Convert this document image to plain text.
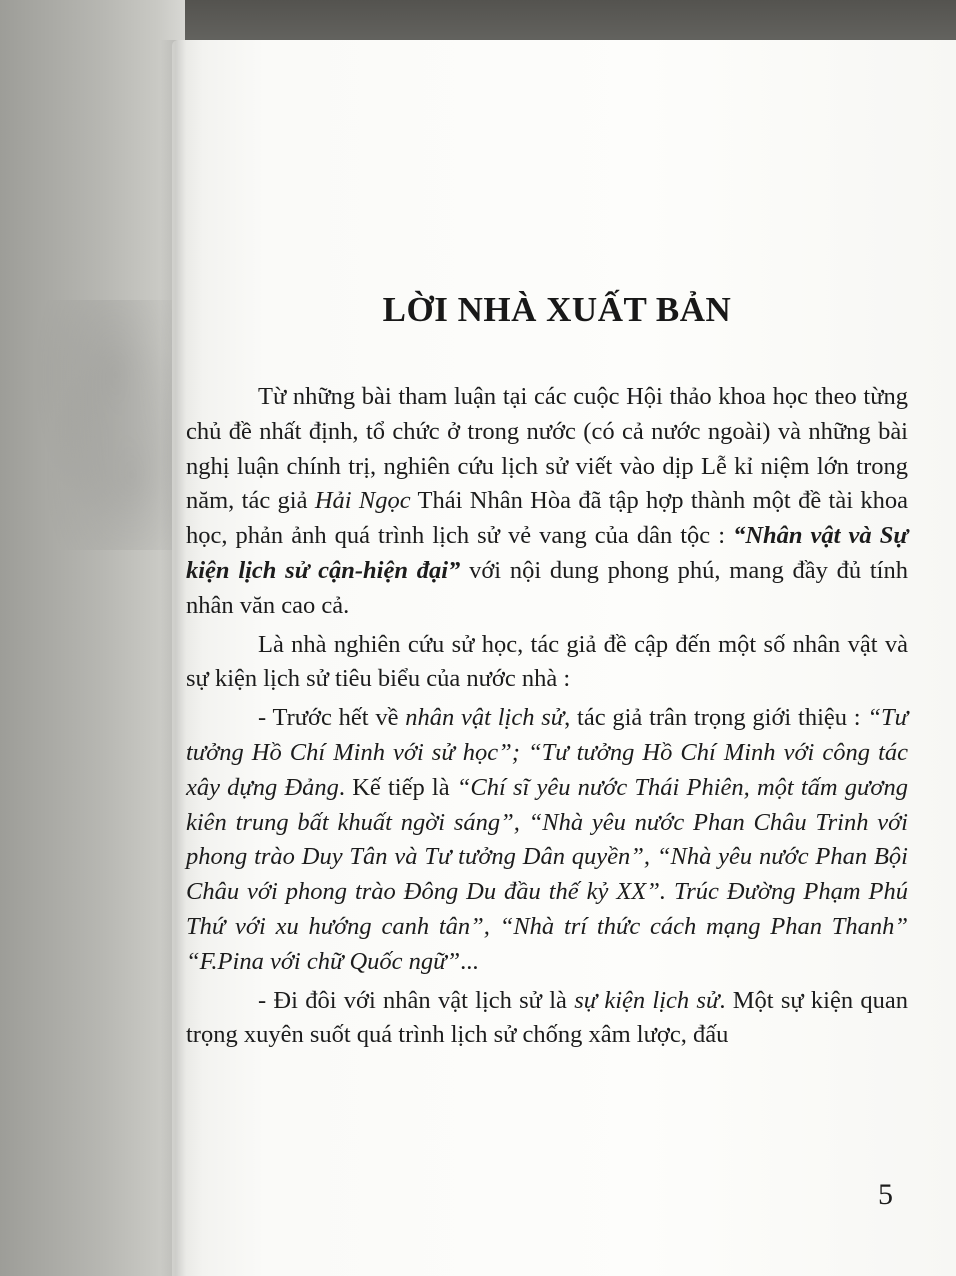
LỜI NHÀ XUẤT BẢN

Từ những bài tham luận tại các cuộc Hội thảo khoa học theo từng chủ đề nhất định, tổ chức ở trong nước (có cả nước ngoài) và những bài nghị luận chính trị, nghiên cứu lịch sử viết vào dịp Lễ kỉ niệm lớn trong năm, tác giả Hải Ngọc Thái Nhân Hòa đã tập hợp thành một đề tài khoa học, phản ảnh quá trình lịch sử vẻ vang của dân tộc : “Nhân vật và Sự kiện lịch sử cận-hiện đại” với nội dung phong phú, mang đầy đủ tính nhân văn cao cả.

Là nhà nghiên cứu sử học, tác giả đề cập đến một số nhân vật và sự kiện lịch sử tiêu biểu của nước nhà :

- Trước hết về nhân vật lịch sử, tác giả trân trọng giới thiệu : “Tư tưởng Hồ Chí Minh với sử học”; “Tư tưởng Hồ Chí Minh với công tác xây dựng Đảng. Kế tiếp là “Chí sĩ yêu nước Thái Phiên, một tấm gương kiên trung bất khuất ngời sáng”, “Nhà yêu nước Phan Châu Trinh với phong trào Duy Tân và Tư tưởng Dân quyền”, “Nhà yêu nước Phan Bội Châu với phong trào Đông Du đầu thế kỷ XX”. Trúc Đường Phạm Phú Thứ với xu hướng canh tân”, “Nhà trí thức cách mạng Phan Thanh” “F.Pina với chữ Quốc ngữ”...

- Đi đôi với nhân vật lịch sử là sự kiện lịch sử. Một sự kiện quan trọng xuyên suốt quá trình lịch sử chống xâm lược, đấu

5
